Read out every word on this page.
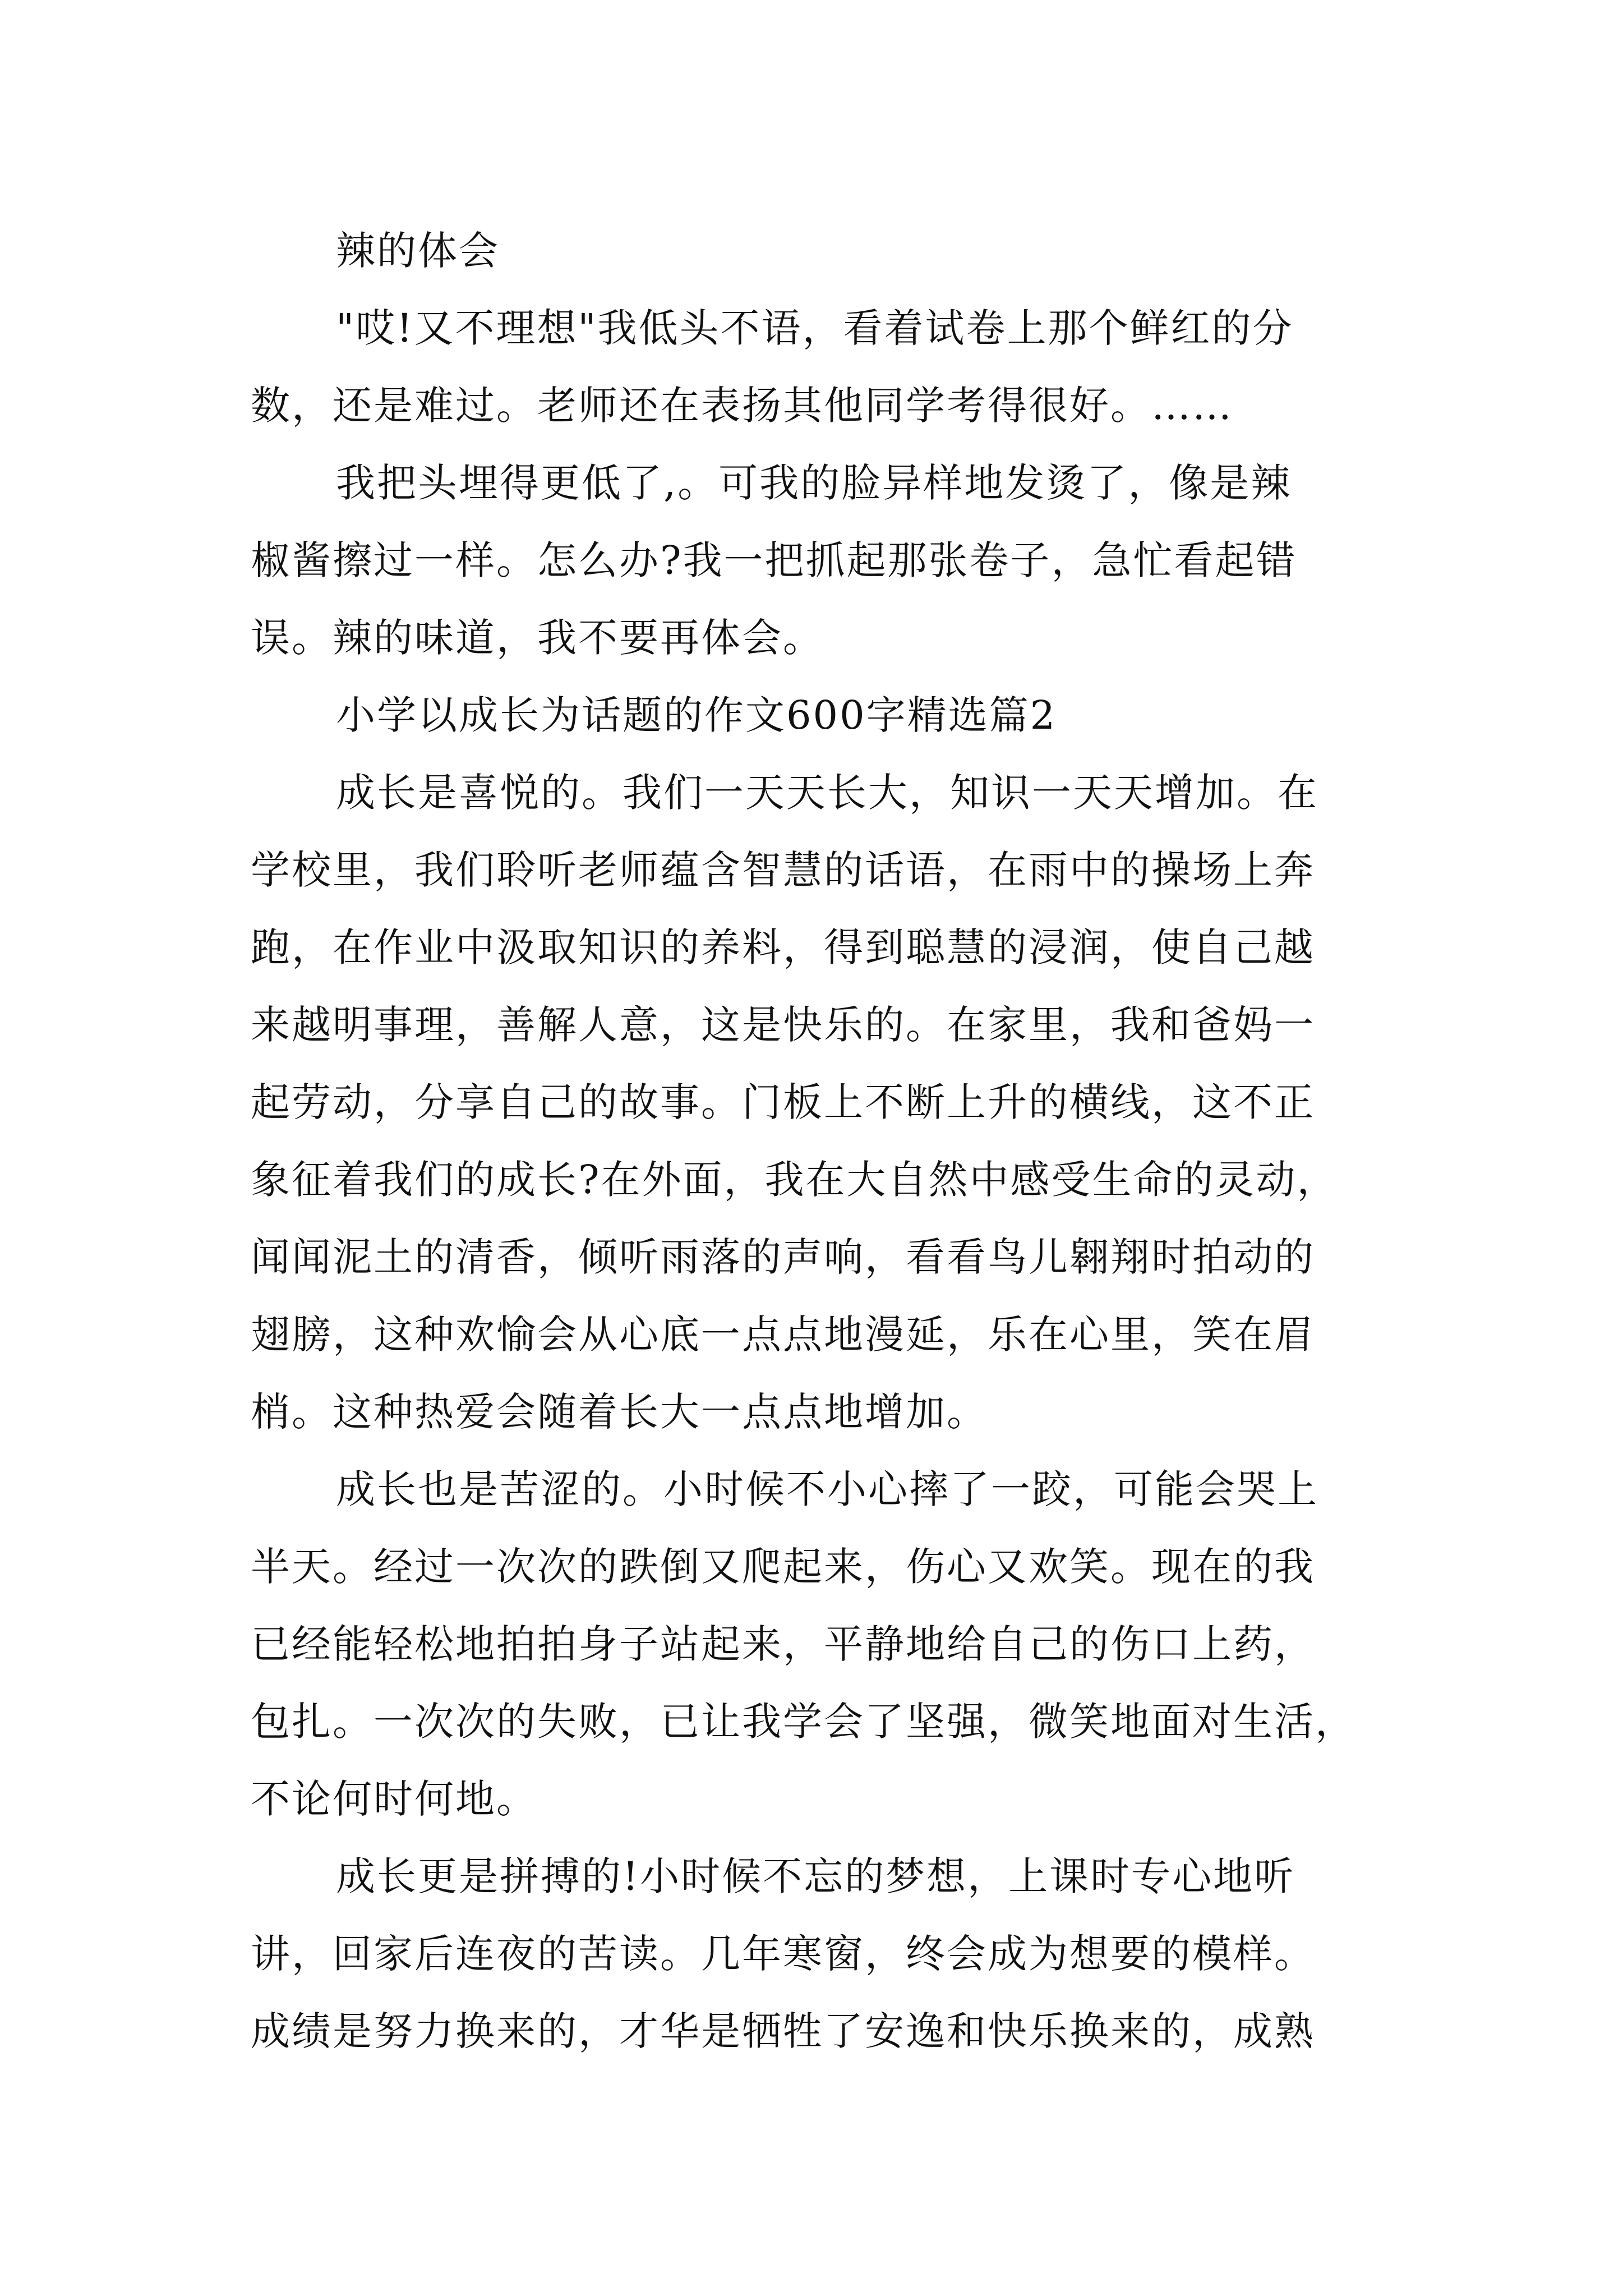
辣的体会
"哎!又不理想"我低头不语，看着试卷上那个鲜红的分
数，还是难过。老师还在表扬其他同学考得很好。……
我把头埋得更低了,。可我的脸异样地发烫了，像是辣
椒酱擦过一样。怎么办?我一把抓起那张卷子，急忙看起错
误。辣的味道，我不要再体会。
小学以成长为话题的作文600字精选篇2
成长是喜悦的。我们一天天长大，知识一天天增加。在
学校里，我们聆听老师蕴含智慧的话语，在雨中的操场上奔
跑，在作业中汲取知识的养料，得到聪慧的浸润，使自己越
来越明事理，善解人意，这是快乐的。在家里，我和爸妈一
起劳动，分享自己的故事。门板上不断上升的横线，这不正
象征着我们的成长?在外面，我在大自然中感受生命的灵动，
闻闻泥土的清香，倾听雨落的声响，看看鸟儿翱翔时拍动的
翅膀，这种欢愉会从心底一点点地漫延，乐在心里，笑在眉
梢。这种热爱会随着长大一点点地增加。
成长也是苦涩的。小时候不小心摔了一跤，可能会哭上
半天。经过一次次的跌倒又爬起来，伤心又欢笑。现在的我
已经能轻松地拍拍身子站起来，平静地给自己的伤口上药，
包扎。一次次的失败，已让我学会了坚强，微笑地面对生活，
不论何时何地。
成长更是拼搏的!小时候不忘的梦想，上课时专心地听
讲，回家后连夜的苦读。几年寒窗，终会成为想要的模样。
成绩是努力换来的，才华是牺牲了安逸和快乐换来的，成熟
